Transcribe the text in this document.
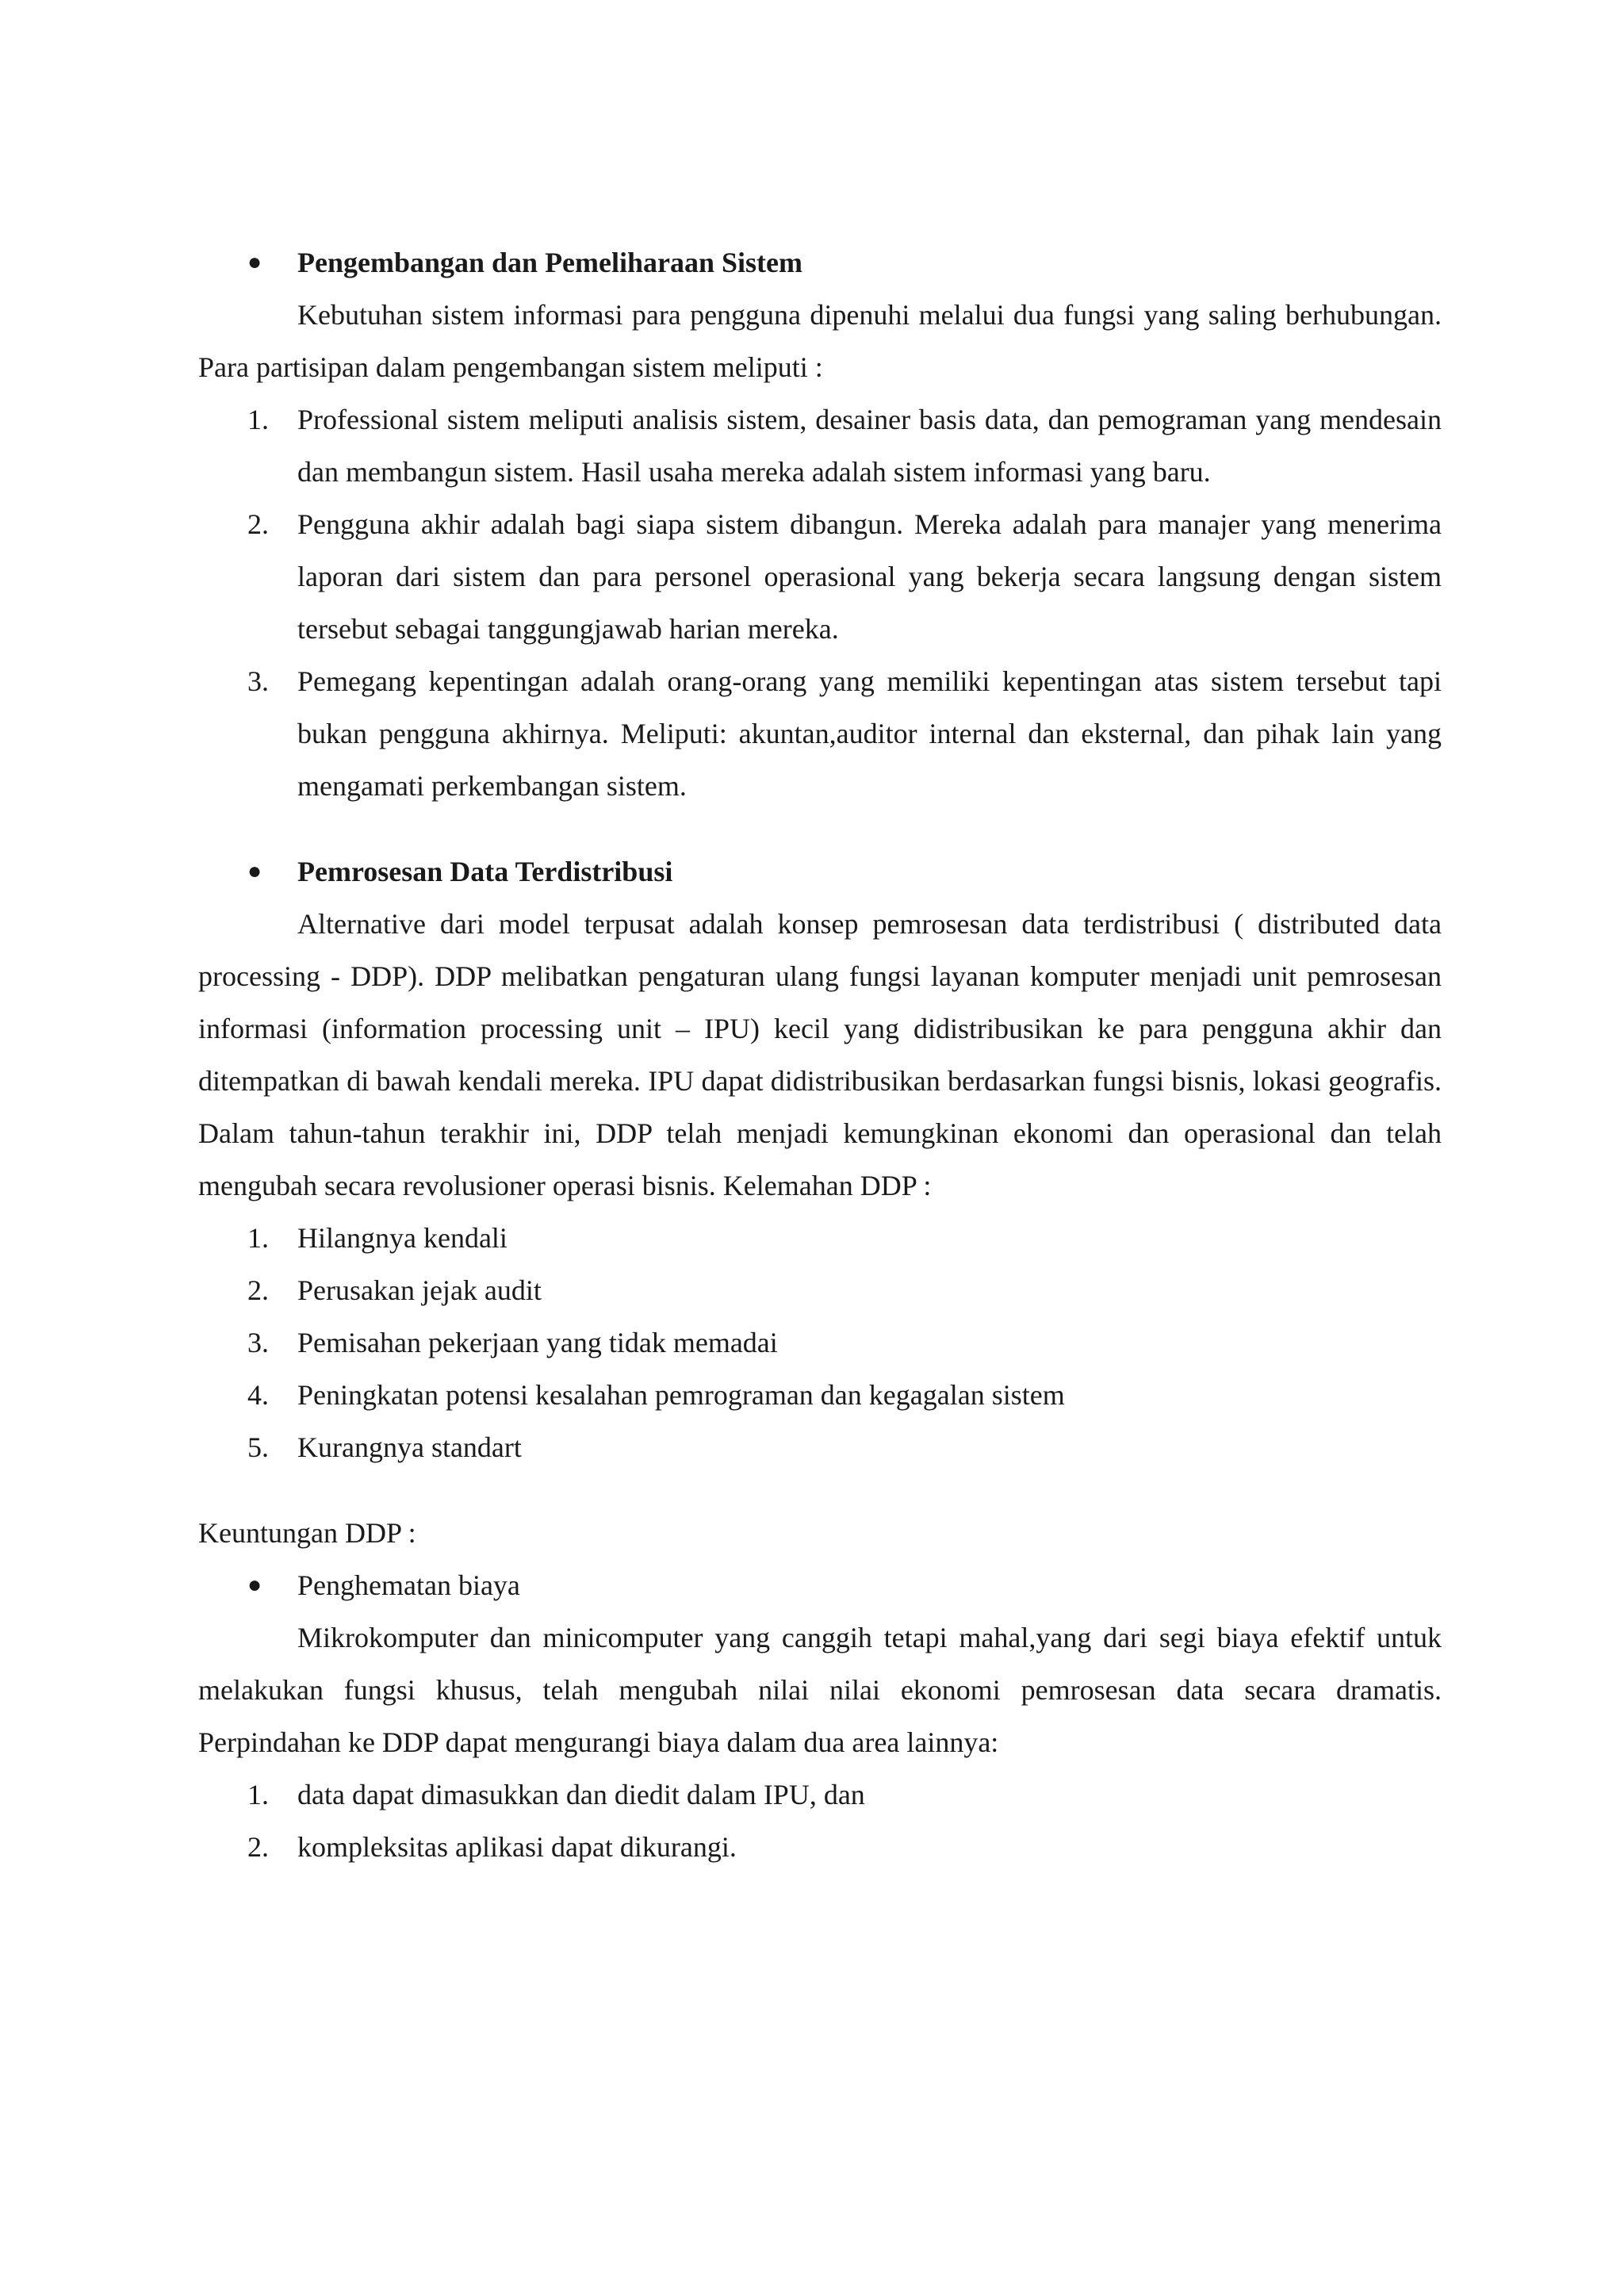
● Pengembangan dan Pemeliharaan Sistem

Kebutuhan sistem informasi para pengguna dipenuhi melalui dua fungsi yang saling berhubungan. Para partisipan dalam pengembangan sistem meliputi :

1. Professional sistem meliputi analisis sistem, desainer basis data, dan pemograman yang mendesain dan membangun sistem. Hasil usaha mereka adalah sistem informasi yang baru.
2. Pengguna akhir adalah bagi siapa sistem dibangun. Mereka adalah para manajer yang menerima laporan dari sistem dan para personel operasional yang bekerja secara langsung dengan sistem tersebut sebagai tanggungjawab harian mereka.
3. Pemegang kepentingan adalah orang-orang yang memiliki kepentingan atas sistem tersebut tapi bukan pengguna akhirnya. Meliputi: akuntan,auditor internal dan eksternal, dan pihak lain yang mengamati perkembangan sistem.
● Pemrosesan Data Terdistribusi

Alternative dari model terpusat adalah konsep pemrosesan data terdistribusi ( distributed data processing - DDP). DDP melibatkan pengaturan ulang fungsi layanan komputer menjadi unit pemrosesan informasi (information processing unit – IPU) kecil yang didistribusikan ke para pengguna akhir dan ditempatkan di bawah kendali mereka. IPU dapat didistribusikan berdasarkan fungsi bisnis, lokasi geografis. Dalam tahun-tahun terakhir ini, DDP telah menjadi kemungkinan ekonomi dan operasional dan telah mengubah secara revolusioner operasi bisnis. Kelemahan DDP :

1. Hilangnya kendali
2. Perusakan jejak audit
3. Pemisahan pekerjaan yang tidak memadai
4. Peningkatan potensi kesalahan pemrograman dan kegagalan sistem
5. Kurangnya standart
Keuntungan DDP :
● Penghematan biaya

Mikrokomputer dan minicomputer yang canggih tetapi mahal,yang dari segi biaya efektif untuk melakukan fungsi khusus, telah mengubah nilai nilai ekonomi pemrosesan data secara dramatis. Perpindahan ke DDP dapat mengurangi biaya dalam dua area lainnya:

1. data dapat dimasukkan dan diedit dalam IPU, dan
2. kompleksitas aplikasi dapat dikurangi.
